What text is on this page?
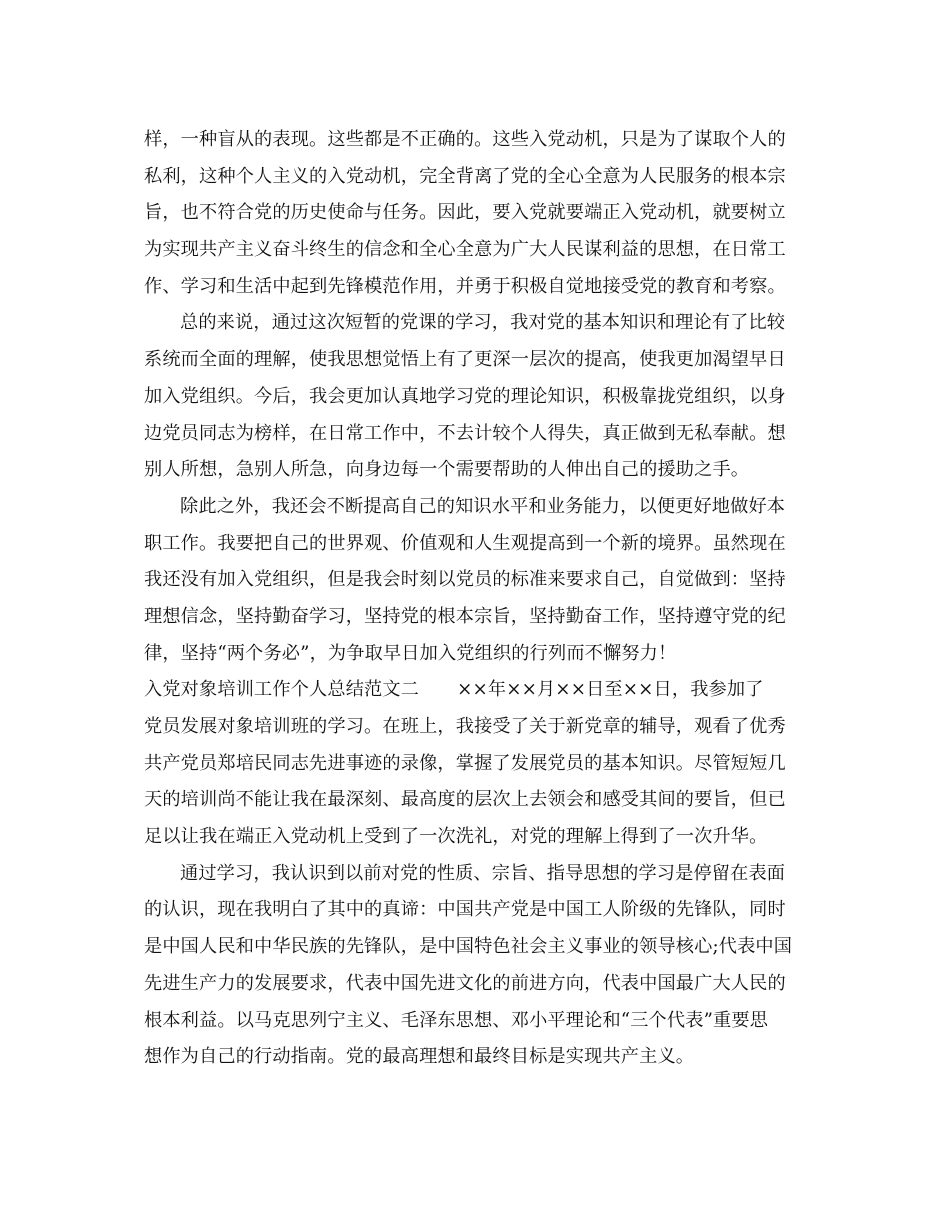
样，一种盲从的表现。这些都是不正确的。这些入党动机，只是为了谋取个人的
私利，这种个人主义的入党动机，完全背离了党的全心全意为人民服务的根本宗
旨，也不符合党的历史使命与任务。因此，要入党就要端正入党动机，就要树立
为实现共产主义奋斗终生的信念和全心全意为广大人民谋利益的思想，在日常工
作、学习和生活中起到先锋模范作用，并勇于积极自觉地接受党的教育和考察。
总的来说，通过这次短暂的党课的学习，我对党的基本知识和理论有了比较
系统而全面的理解，使我思想觉悟上有了更深一层次的提高，使我更加渴望早日
加入党组织。今后，我会更加认真地学习党的理论知识，积极靠拢党组织，以身
边党员同志为榜样，在日常工作中，不去计较个人得失，真正做到无私奉献。想
别人所想，急别人所急，向身边每一个需要帮助的人伸出自己的援助之手。
除此之外，我还会不断提高自己的知识水平和业务能力，以便更好地做好本
职工作。我要把自己的世界观、价值观和人生观提高到一个新的境界。虽然现在
我还没有加入党组织，但是我会时刻以党员的标准来要求自己，自觉做到：坚持
理想信念，坚持勤奋学习，坚持党的根本宗旨，坚持勤奋工作，坚持遵守党的纪
律，坚持“两个务必”，为争取早日加入党组织的行列而不懈努力！
入党对象培训工作个人总结范文二 ××年××月××日至××日，我参加了
党员发展对象培训班的学习。在班上，我接受了关于新党章的辅导，观看了优秀
共产党员郑培民同志先进事迹的录像，掌握了发展党员的基本知识。尽管短短几
天的培训尚不能让我在最深刻、最高度的层次上去领会和感受其间的要旨，但已
足以让我在端正入党动机上受到了一次洗礼，对党的理解上得到了一次升华。
通过学习，我认识到以前对党的性质、宗旨、指导思想的学习是停留在表面
的认识，现在我明白了其中的真谛：中国共产党是中国工人阶级的先锋队，同时
是中国人民和中华民族的先锋队，是中国特色社会主义事业的领导核心;代表中国
先进生产力的发展要求，代表中国先进文化的前进方向，代表中国最广大人民的
根本利益。以马克思列宁主义、毛泽东思想、邓小平理论和“三个代表”重要思
想作为自己的行动指南。党的最高理想和最终目标是实现共产主义。
